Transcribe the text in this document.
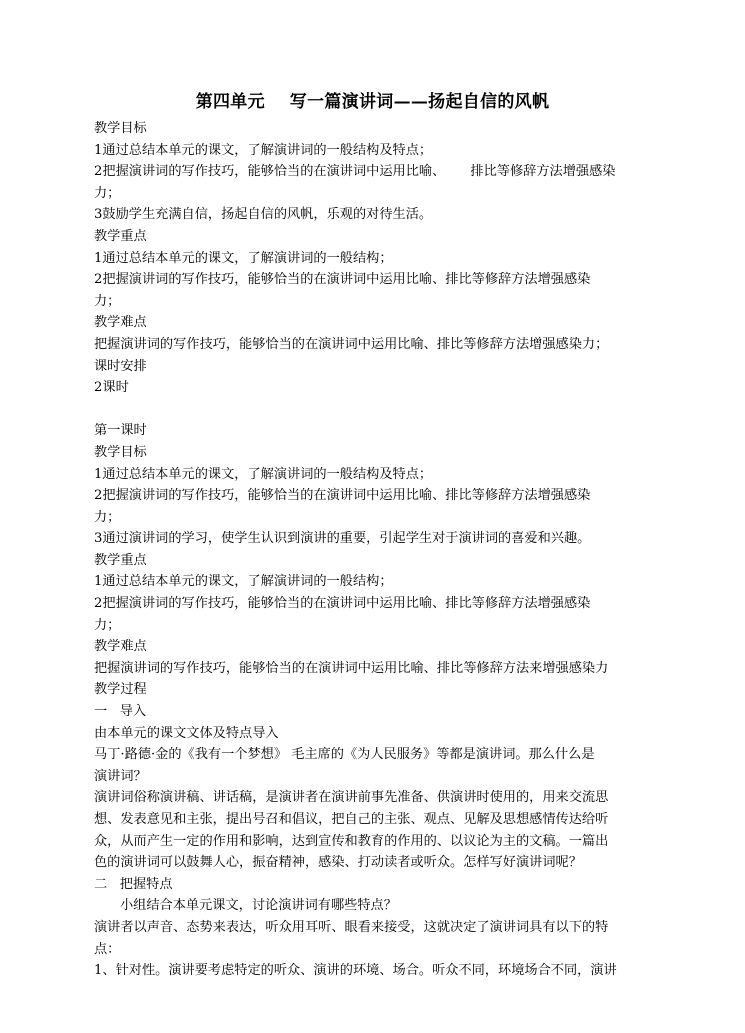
第四单元    写一篇演讲词——扬起自信的风帆
教学目标
1通过总结本单元的课文，了解演讲词的一般结构及特点；
2把握演讲词的写作技巧，能够恰当的在演讲词中运用比喻、      排比等修辞方法增强感染
力；
3鼓励学生充满自信，扬起自信的风帆，乐观的对待生活。
教学重点
1通过总结本单元的课文，了解演讲词的一般结构；
2把握演讲词的写作技巧，能够恰当的在演讲词中运用比喻、排比等修辞方法增强感染
力；
教学难点
把握演讲词的写作技巧，能够恰当的在演讲词中运用比喻、排比等修辞方法增强感染力；
课时安排
2课时
第一课时
教学目标
1通过总结本单元的课文，了解演讲词的一般结构及特点；
2把握演讲词的写作技巧，能够恰当的在演讲词中运用比喻、排比等修辞方法增强感染
力；
3通过演讲词的学习，使学生认识到演讲的重要，引起学生对于演讲词的喜爱和兴趣。
教学重点
1通过总结本单元的课文，了解演讲词的一般结构；
2把握演讲词的写作技巧，能够恰当的在演讲词中运用比喻、排比等修辞方法增强感染
力；
教学难点
把握演讲词的写作技巧，能够恰当的在演讲词中运用比喻、排比等修辞方法来增强感染力
教学过程
一   导入
由本单元的课文文体及特点导入
马丁·路德·金的《我有一个梦想》 毛主席的《为人民服务》等都是演讲词。那么什么是
演讲词？
演讲词俗称演讲稿、讲话稿，是演讲者在演讲前事先准备、供演讲时使用的，用来交流思
想、发表意见和主张，提出号召和倡议，把自己的主张、观点、见解及思想感情传达给听
众，从而产生一定的作用和影响，达到宣传和教育的作用的、以议论为主的文稿。一篇出
色的演讲词可以鼓舞人心，振奋精神，感染、打动读者或听众。怎样写好演讲词呢？
二   把握特点
小组结合本单元课文，讨论演讲词有哪些特点？
演讲者以声音、态势来表达，听众用耳听、眼看来接受，这就决定了演讲词具有以下的特
点：
1、针对性。演讲要考虑特定的听众、演讲的环境、场合。听众不同，环境场合不同，演讲
